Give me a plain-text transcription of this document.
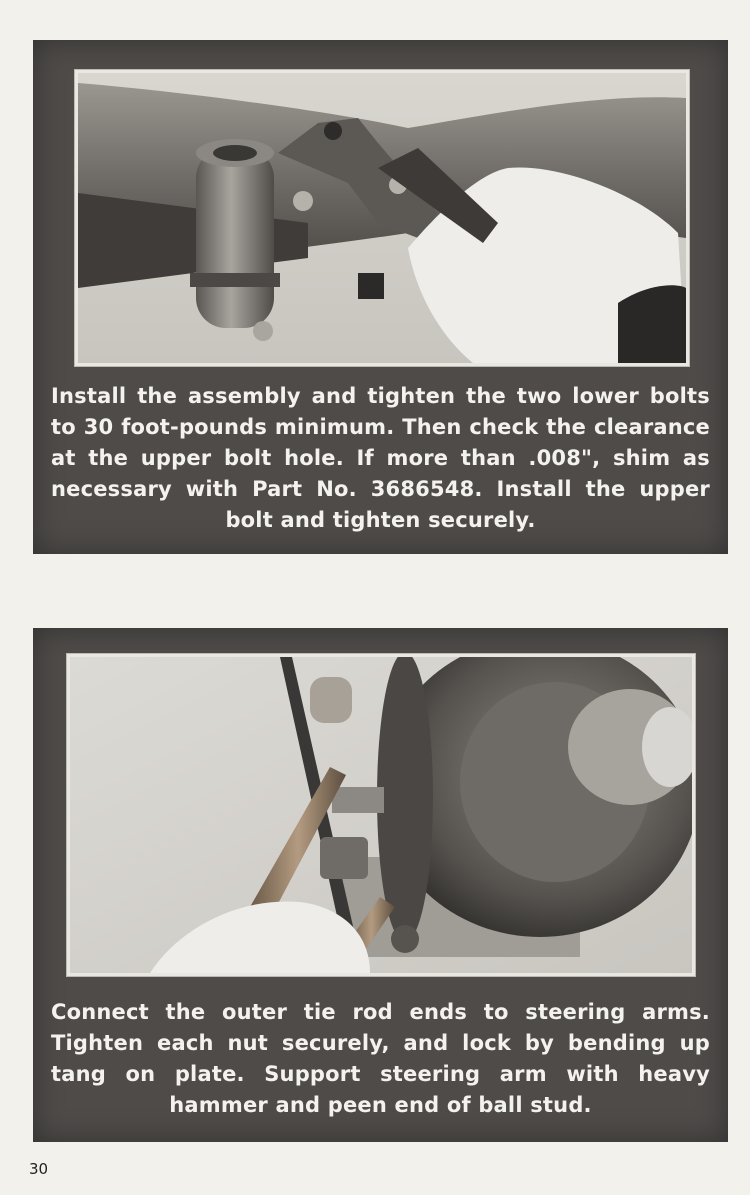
Install the assembly and tighten the two lower bolts to 30 foot-pounds minimum. Then check the clearance at the upper bolt hole. If more than .008", shim as necessary with Part No. 3686548. Install the upper bolt and tighten securely.
Connect the outer tie rod ends to steering arms. Tighten each nut securely, and lock by bending up tang on plate. Support steering arm with heavy hammer and peen end of ball stud.
30
